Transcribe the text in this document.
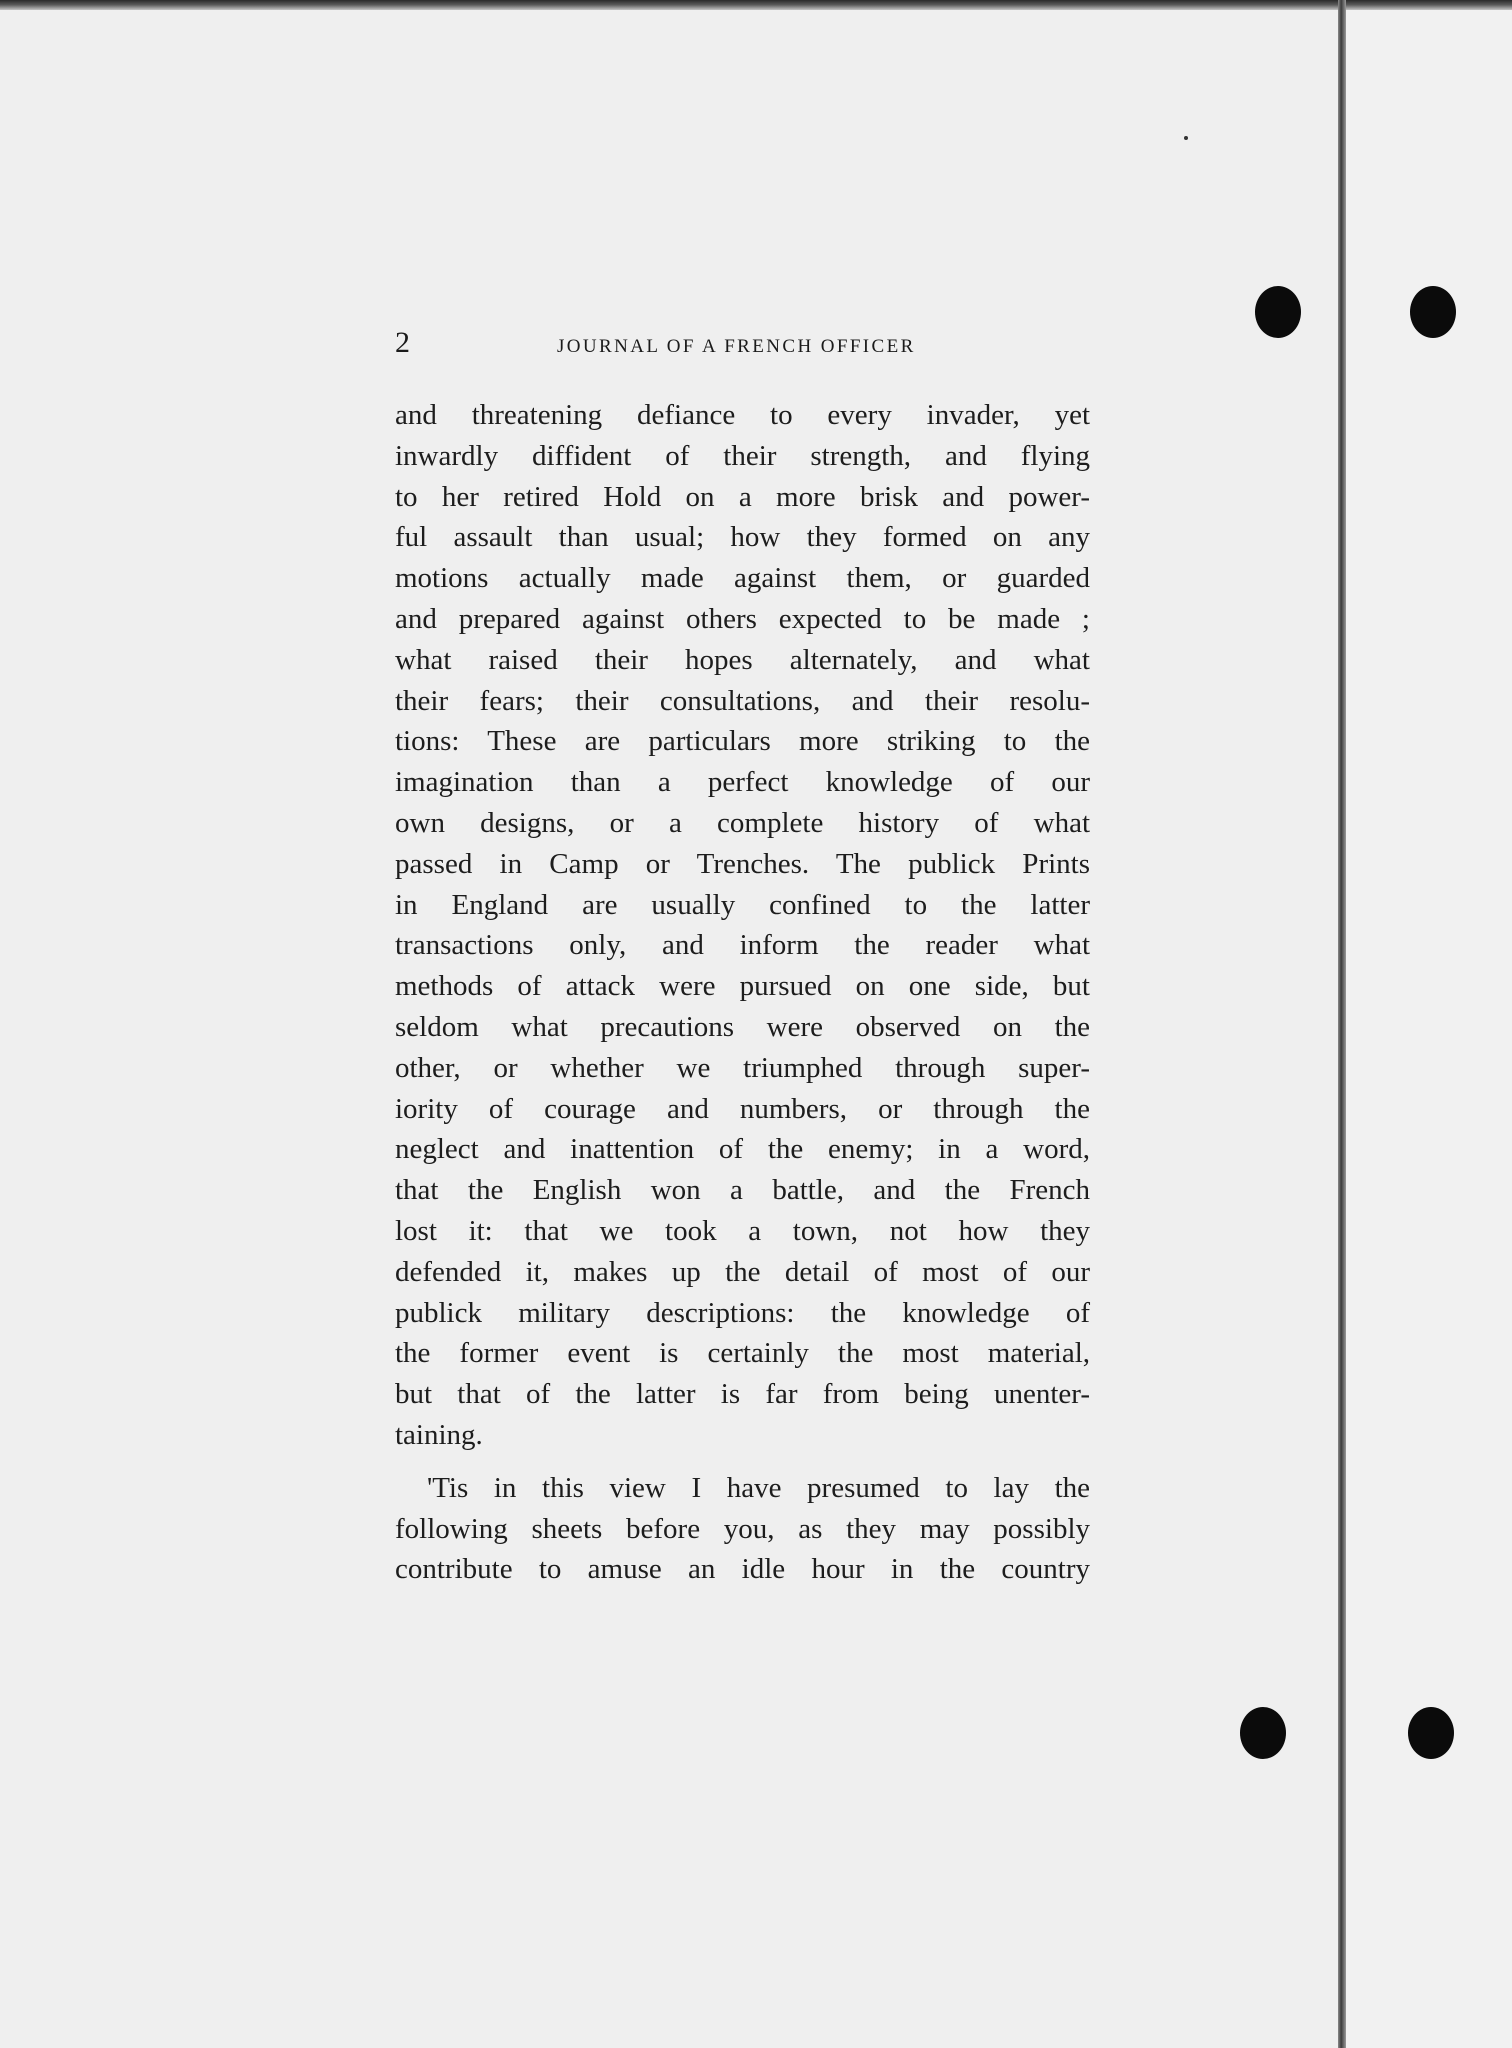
2	JOURNAL OF A FRENCH OFFICER
and threatening defiance to every invader, yet
inwardly diffident of their strength, and flying
to her retired Hold on a more brisk and power-
ful assault than usual; how they formed on any
motions actually made against them, or guarded
and prepared against others expected to be made ;
what raised their hopes alternately, and what
their fears; their consultations, and their resolu-
tions: These are particulars more striking to the
imagination than a perfect knowledge of our
own designs, or a complete history of what
passed in Camp or Trenches. The publick Prints
in England are usually confined to the latter
transactions only, and inform the reader what
methods of attack were pursued on one side, but
seldom what precautions were observed on the
other, or whether we triumphed through super-
iority of courage and numbers, or through the
neglect and inattention of the enemy; in a word,
that the English won a battle, and the French
lost it: that we took a town, not how they
defended it, makes up the detail of most of our
publick military descriptions: the knowledge of
the former event is certainly the most material,
but that of the latter is far from being unenter-
taining.
'Tis in this view I have presumed to lay the
following sheets before you, as they may possibly
contribute to amuse an idle hour in the country
